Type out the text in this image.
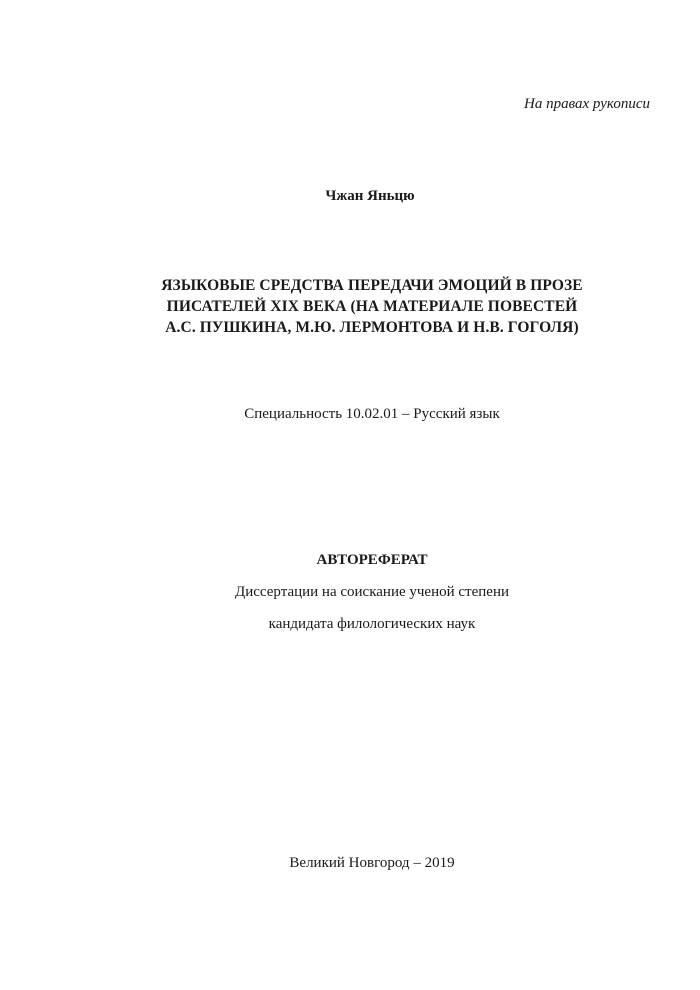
На правах рукописи
Чжан Яньцю
ЯЗЫКОВЫЕ СРЕДСТВА ПЕРЕДАЧИ ЭМОЦИЙ В ПРОЗЕ
ПИСАТЕЛЕЙ XIX ВЕКА (НА МАТЕРИАЛЕ ПОВЕСТЕЙ
А.С. ПУШКИНА, М.Ю. ЛЕРМОНТОВА И Н.В. ГОГОЛЯ)
Специальность 10.02.01 – Русский язык
АВТОРЕФЕРАТ
Диссертации на соискание ученой степени
кандидата филологических наук
Великий Новгород – 2019
